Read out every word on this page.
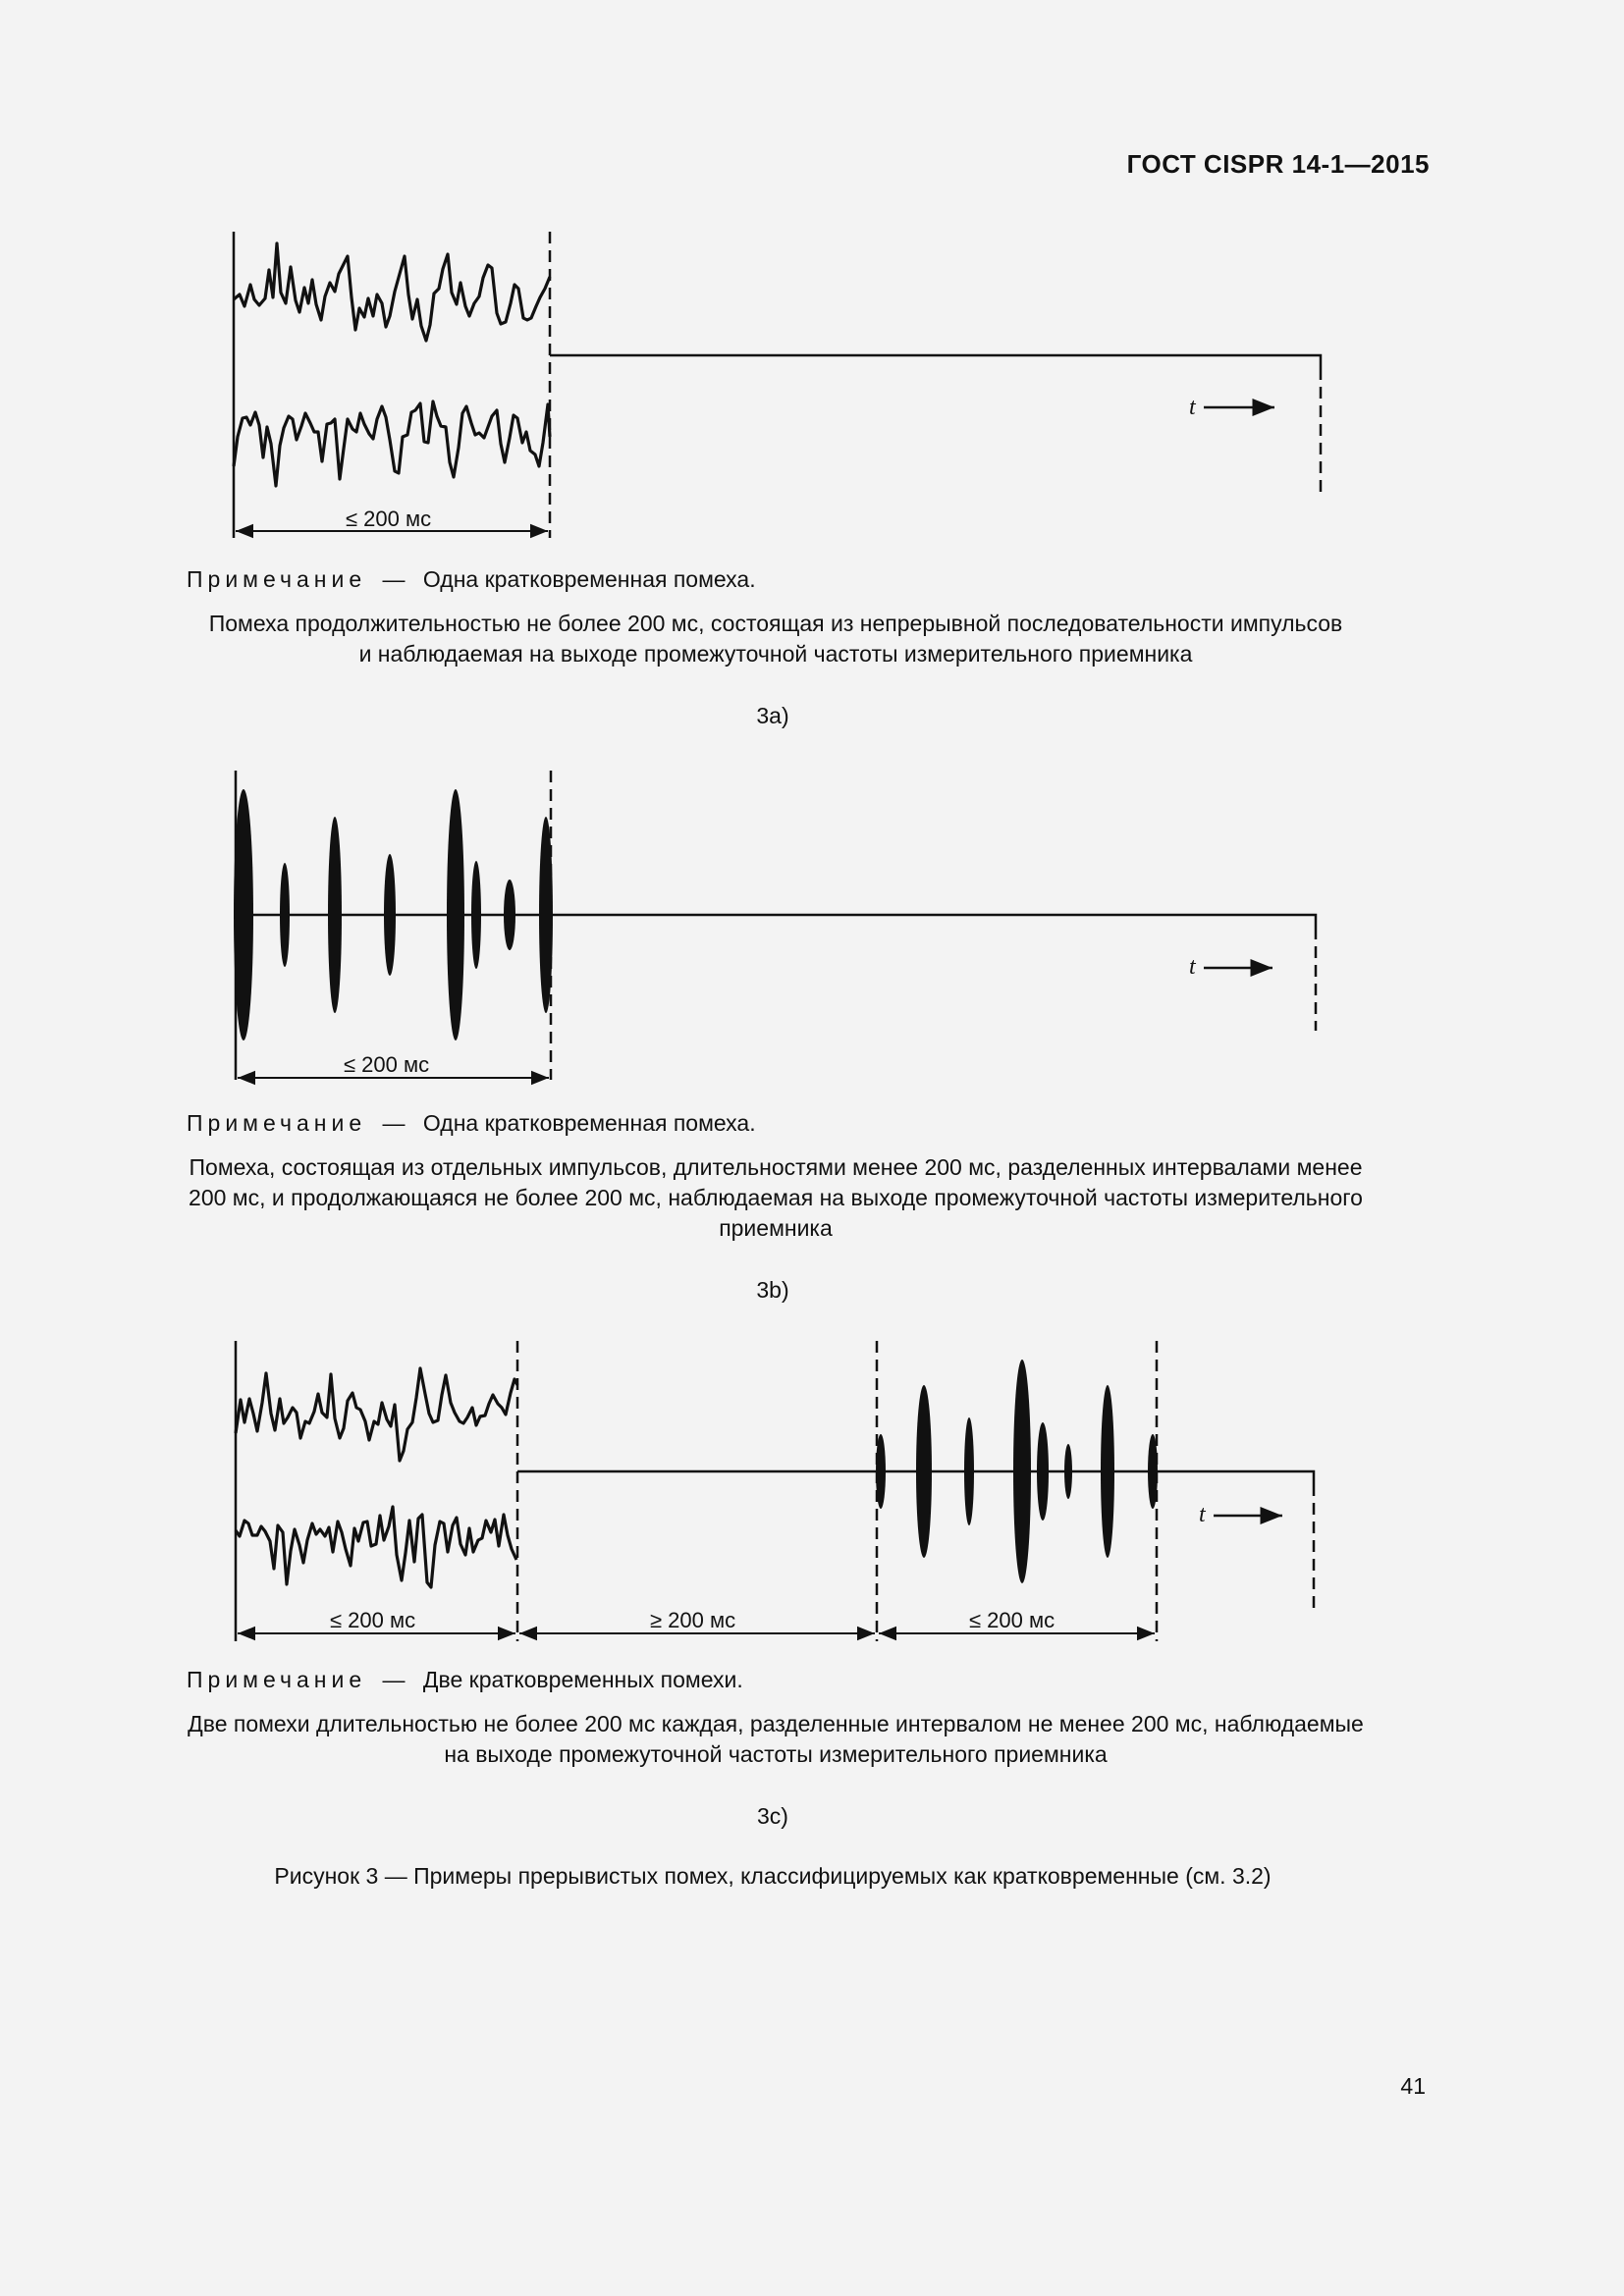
ГОСТ CISPR 14-1—2015
t
≤ 200 мс
Примечание — Одна кратковременная помеха.
Помеха продолжительностью не более 200 мс, состоящая из непрерывной последовательности импульсов
и наблюдаемая на выходе промежуточной частоты измерительного приемника
3a)
t
≤ 200 мс
Примечание — Одна кратковременная помеха.
Помеха, состоящая из отдельных импульсов, длительностями менее 200 мс, разделенных интервалами менее
200 мс, и продолжающаяся не более 200 мс, наблюдаемая на выходе промежуточной частоты измерительного
приемника
3b)
t
≤ 200 мс	≥ 200 мс	≤ 200 мс
Примечание — Две кратковременных помехи.
Две помехи длительностью не более 200 мс каждая, разделенные интервалом не менее 200 мс, наблюдаемые
на выходе промежуточной частоты измерительного приемника
3c)
Рисунок 3 — Примеры прерывистых помех, классифицируемых как кратковременные (см. 3.2)
41
